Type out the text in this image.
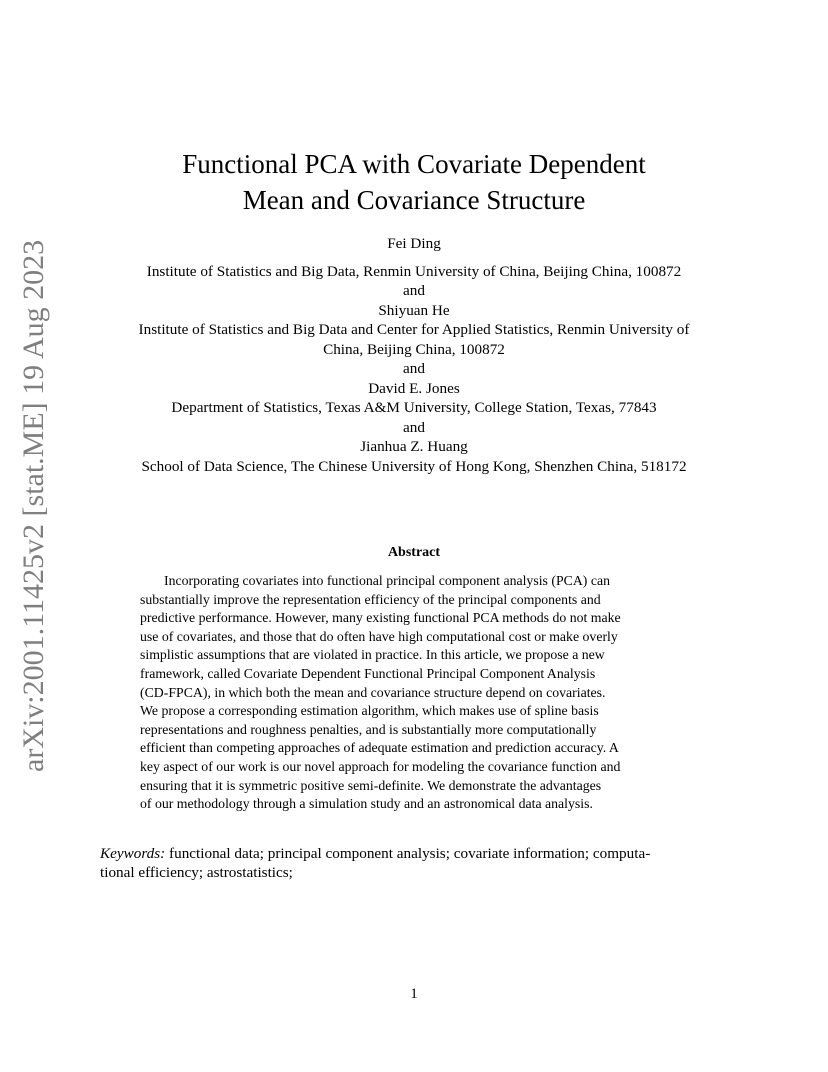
arXiv:2001.11425v2 [stat.ME] 19 Aug 2023
Functional PCA with Covariate Dependent
Mean and Covariance Structure
Fei Ding
Institute of Statistics and Big Data, Renmin University of China, Beijing China, 100872
and
Shiyuan He
Institute of Statistics and Big Data and Center for Applied Statistics, Renmin University of
China, Beijing China, 100872
and
David E. Jones
Department of Statistics, Texas A&M University, College Station, Texas, 77843
and
Jianhua Z. Huang
School of Data Science, The Chinese University of Hong Kong, Shenzhen China, 518172
Abstract
Incorporating covariates into functional principal component analysis (PCA) can
substantially improve the representation efficiency of the principal components and
predictive performance. However, many existing functional PCA methods do not make
use of covariates, and those that do often have high computational cost or make overly
simplistic assumptions that are violated in practice. In this article, we propose a new
framework, called Covariate Dependent Functional Principal Component Analysis
(CD-FPCA), in which both the mean and covariance structure depend on covariates.
We propose a corresponding estimation algorithm, which makes use of spline basis
representations and roughness penalties, and is substantially more computationally
efficient than competing approaches of adequate estimation and prediction accuracy. A
key aspect of our work is our novel approach for modeling the covariance function and
ensuring that it is symmetric positive semi-definite. We demonstrate the advantages
of our methodology through a simulation study and an astronomical data analysis.
Keywords: functional data; principal component analysis; covariate information; computa-
tional efficiency; astrostatistics;
1
